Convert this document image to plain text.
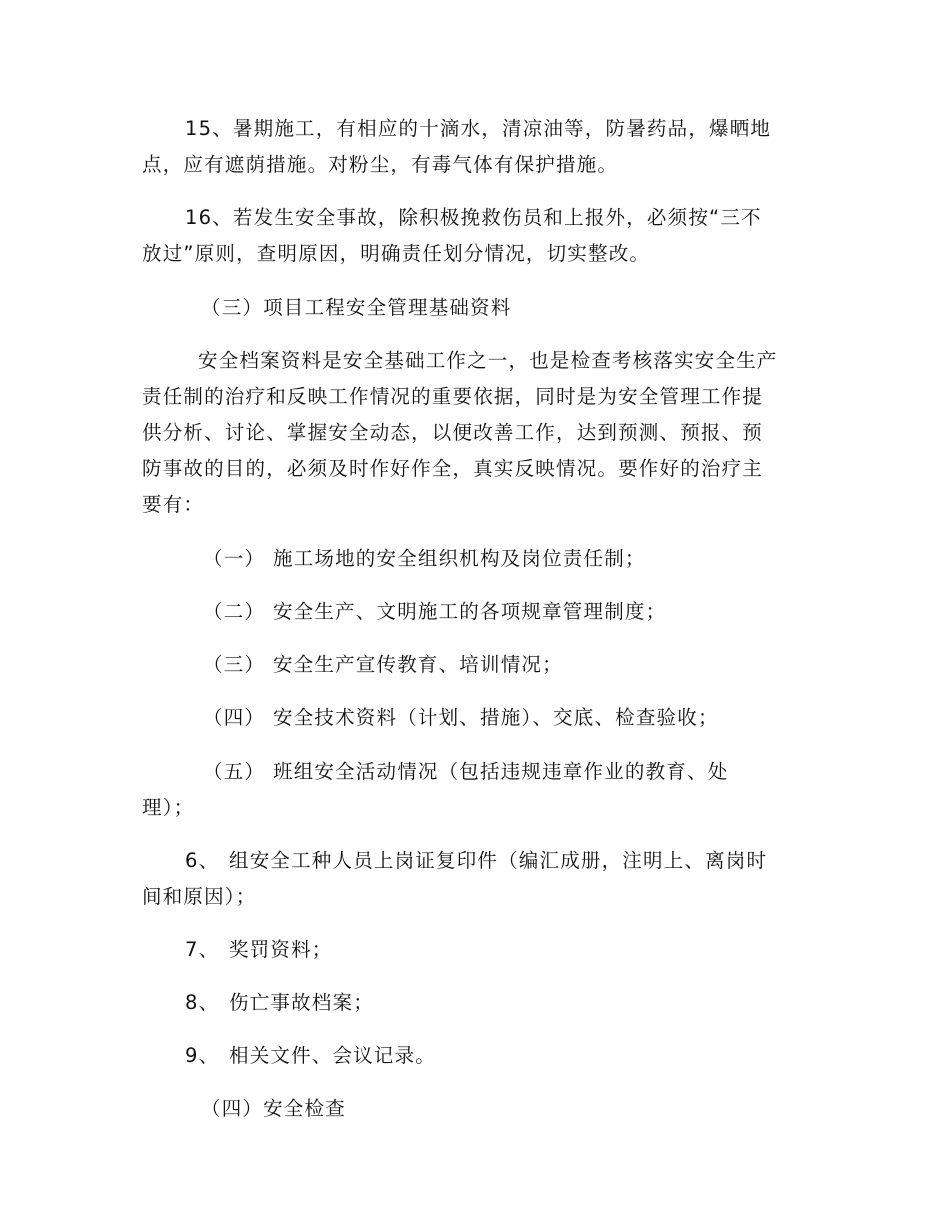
15、暑期施工，有相应的十滴水，清凉油等，防暑药品，爆晒地
点，应有遮荫措施。对粉尘，有毒气体有保护措施。
16、若发生安全事故，除积极挽救伤员和上报外，必须按“三不
放过”原则，查明原因，明确责任划分情况，切实整改。
（三）项目工程安全管理基础资料
安全档案资料是安全基础工作之一，也是检查考核落实安全生产
责任制的治疗和反映工作情况的重要依据，同时是为安全管理工作提
供分析、讨论、掌握安全动态，以便改善工作，达到预测、预报、预
防事故的目的，必须及时作好作全，真实反映情况。要作好的治疗主
要有：
（一） 施工场地的安全组织机构及岗位责任制；
（二） 安全生产、文明施工的各项规章管理制度；
（三） 安全生产宣传教育、培训情况；
（四） 安全技术资料（计划、措施）、交底、检查验收；
（五） 班组安全活动情况（包括违规违章作业的教育、处
理）；
6、 组安全工种人员上岗证复印件（编汇成册，注明上、离岗时
间和原因）；
7、 奖罚资料；
8、 伤亡事故档案；
9、 相关文件、会议记录。
（四）安全检查
